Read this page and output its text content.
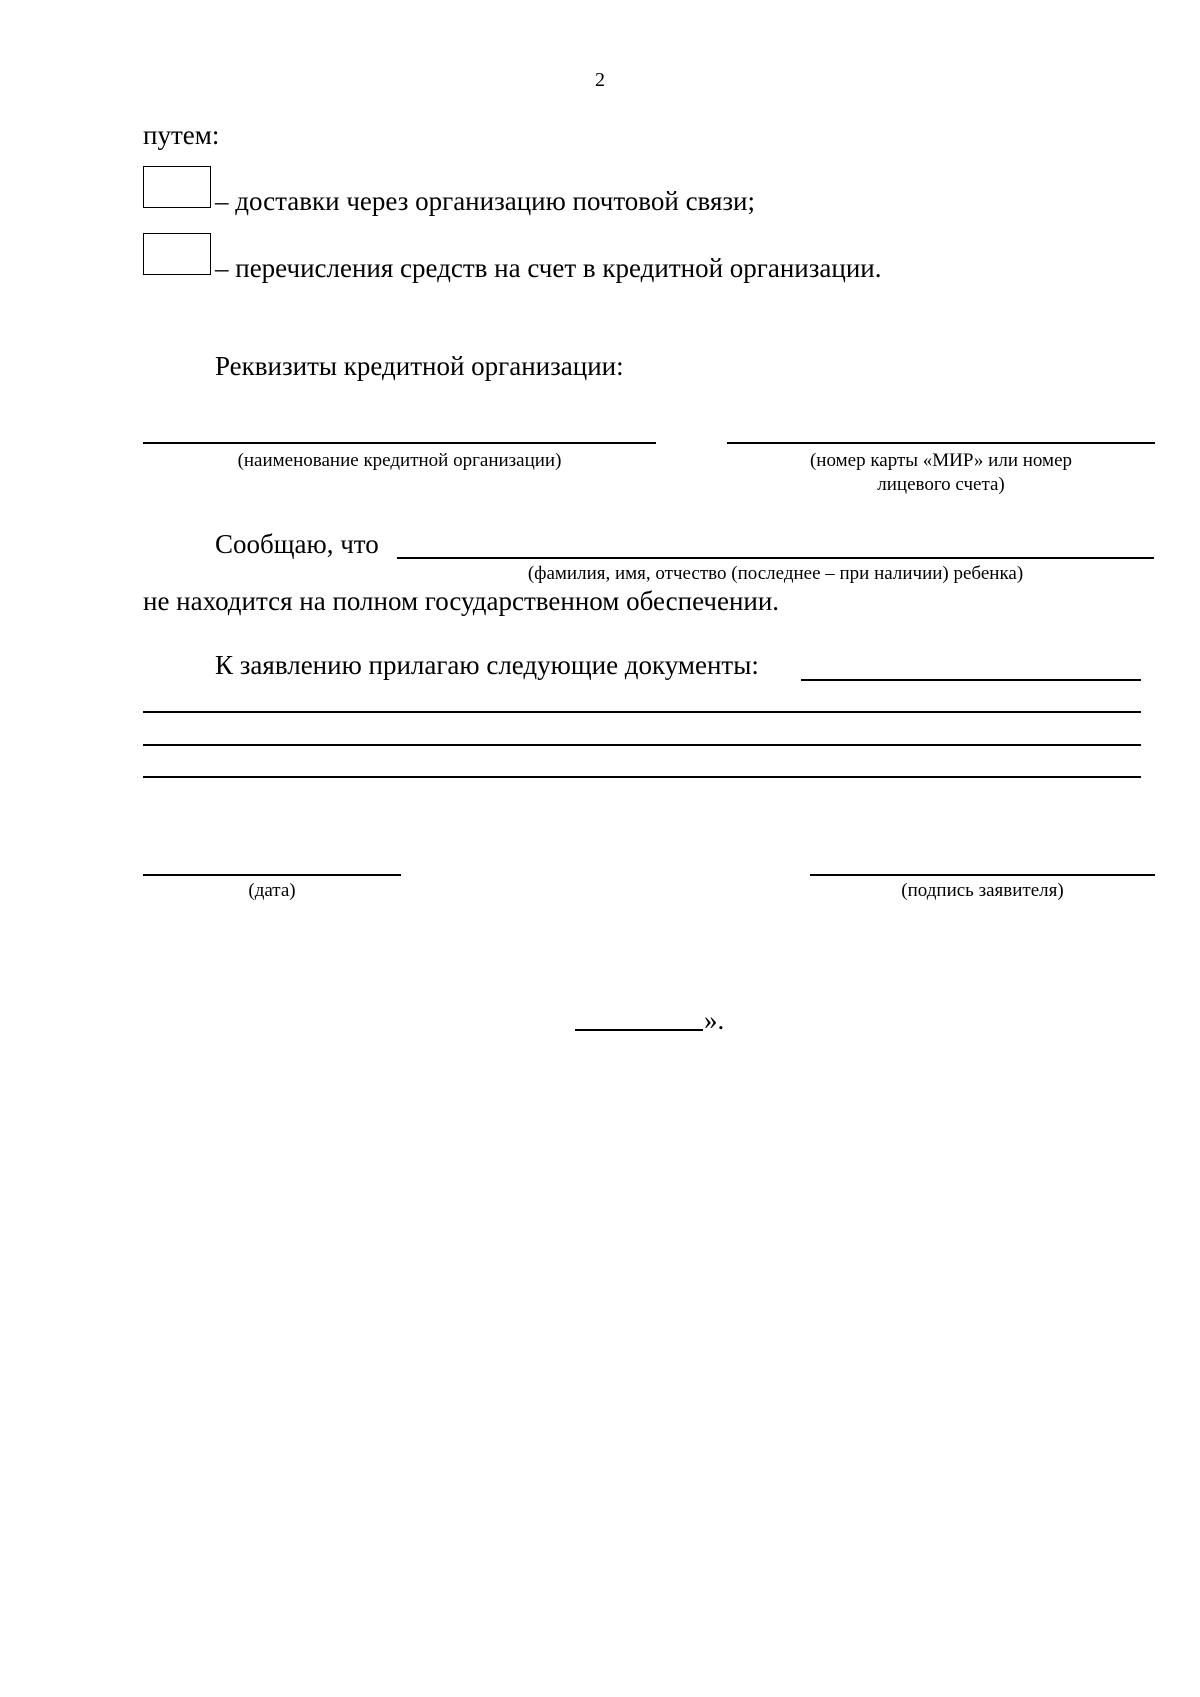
2
путем:
– доставки через организацию почтовой связи;
– перечисления средств на счет в кредитной организации.
Реквизиты кредитной организации:
(наименование кредитной организации)	(номер карты «МИР» или номер
лицевого счета)
Сообщаю, что
(фамилия, имя, отчество (последнее – при наличии) ребенка)
не находится на полном государственном обеспечении.
К заявлению прилагаю следующие документы:
(дата)	(подпись заявителя)
».
